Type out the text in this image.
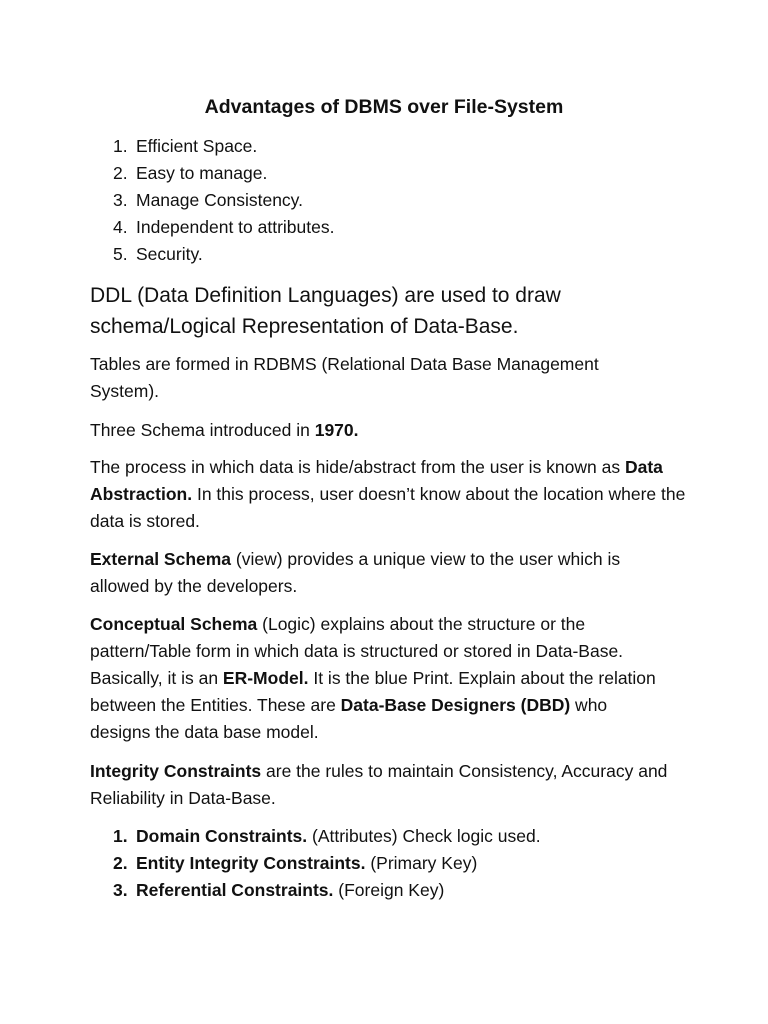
Advantages of DBMS over File-System
1. Efficient Space.
2. Easy to manage.
3. Manage Consistency.
4. Independent to attributes.
5. Security.

DDL (Data Definition Languages) are used to draw schema/Logical Representation of Data-Base.

Tables are formed in RDBMS (Relational Data Base Management System).

Three Schema introduced in 1970.

The process in which data is hide/abstract from the user is known as Data Abstraction. In this process, user doesn’t know about the location where the data is stored.

External Schema (view) provides a unique view to the user which is allowed by the developers.

Conceptual Schema (Logic) explains about the structure or the pattern/Table form in which data is structured or stored in Data-Base. Basically, it is an ER-Model. It is the blue Print. Explain about the relation between the Entities. These are Data-Base Designers (DBD) who designs the data base model.

Integrity Constraints are the rules to maintain Consistency, Accuracy and Reliability in Data-Base.

1. Domain Constraints. (Attributes) Check logic used.
2. Entity Integrity Constraints. (Primary Key)
3. Referential Constraints. (Foreign Key)
